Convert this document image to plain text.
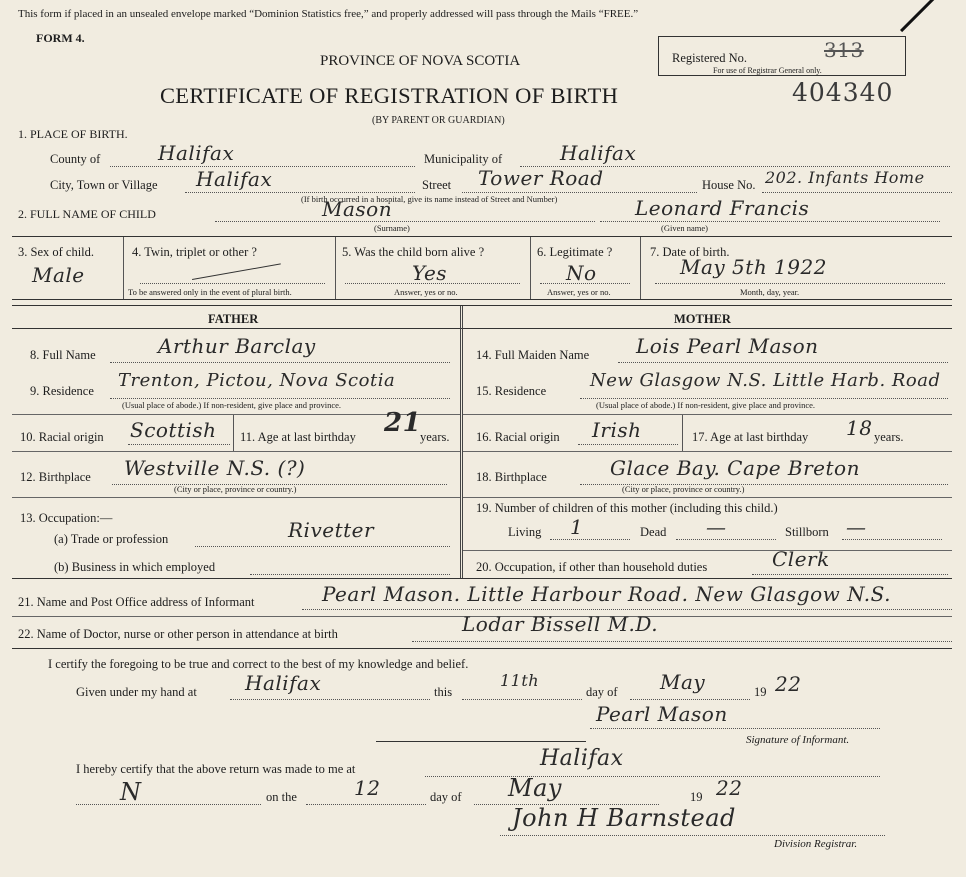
This form if placed in an unsealed envelope marked “Dominion Statistics free,” and properly addressed will pass through the Mails “FREE.”
FORM 4.
PROVINCE OF NOVA SCOTIA
CERTIFICATE OF REGISTRATION OF BIRTH
(BY PARENT OR GUARDIAN)
Registered No.
For use of Registrar General only.
313
404340
1. PLACE OF BIRTH.
County of	Halifax	Municipality of	Halifax
City, Town or Village Halifax	Street Tower Road
(If birth occurred in a hospital, give its name instead of Street and Number)
House No. 202. Infants Home
2. FULL NAME OF CHILD	Mason
(Surname)
Leonard Francis
(Given name)
3. Sex of child.
Male
4. Twin, triplet or other ?
To be answered only in the event of plural birth.
5. Was the child born alive ?
Yes
Answer, yes or no.
6. Legitimate ?
No
Answer, yes or no.
7. Date of birth.
May 5th 1922
Month, day, year.
FATHER	MOTHER
8. Full Name	Arthur Barclay
9. Residence Trenton, Pictou, Nova Scotia
(Usual place of abode.) If non-resident, give place and province.
10. Racial origin Scottish 11. Age at last birthday 21
years.
12. Birthplace Westville N.S. (?)
(City or place, province or country.)
13. Occupation:—
(a) Trade or profession	Rivetter
(b) Business in which employed
14. Full Maiden Name Lois Pearl Mason
15. Residence New Glasgow N.S. Little Harb. Road
(Usual place of abode.) If non-resident, give place and province.
16. Racial origin Irish	17. Age at last birthday 18 years.
18. Birthplace	Glace Bay. Cape Breton
(City or place, province or country.)
19. Number of children of this mother (including this child.)
Living 1	Dead —	Stillborn —
20. Occupation, if other than household duties	Clerk
21. Name and Post Office address of Informant	Pearl Mason. Little Harbour Road. New Glasgow N.S.
22. Name of Doctor, nurse or other person in attendance at birth	Lodar Bissell M.D.
I certify the foregoing to be true and correct to the best of my knowledge and belief.
Given under my hand at Halifax	this
11th
day of May	19 22
Pearl Mason
Signature of Informant.
I hereby certify that the above return was made to me at	Halifax
N	on the	12	day of May	19 22
John H Barnstead
Division Registrar.
